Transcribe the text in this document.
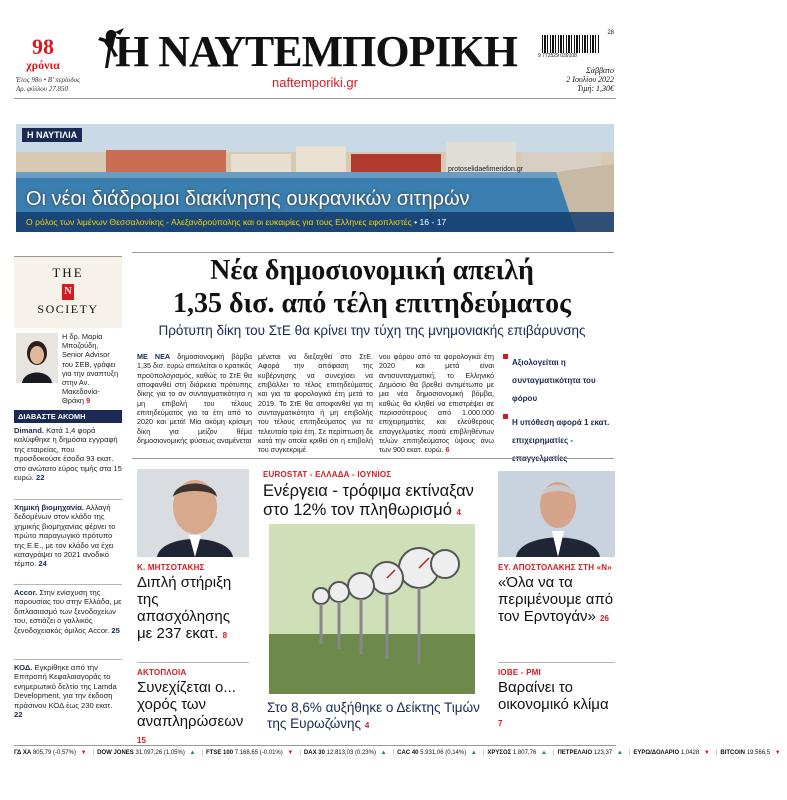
98
χρόνια
Έτος 98ο • Β' περίοδος
Αρ. φύλλου 27.850
Η ΝΑΥΤΕΜΠΟΡΙΚΗ
naftemporiki.gr
28
9 772529 039108
Σάββατο
2 Ιουλίου 2022
Τιμή: 1,30€
Η ΝΑΥΤΙΛΙΑ
protoselidaefimeridon.gr
Οι νέοι διάδρομοι διακίνησης ουκρανικών σιτηρών
Ο ρόλος των λιμένων Θεσσαλονίκης - Αλεξανδρούπολης και οι ευκαιρίες για τους Ελληνες εφοπλιστές • 16 - 17
THE
N
SOCIETY
Η δρ. Μαρία Μποζούδη, Senior Advisor του ΣΕΒ, γράφει για την αναπτυξη στην Αν. Μακεδονία-Θράκη 9
ΔΙΑΒΑΣΤΕ ΑΚΟΜΗ
Dimand. Κατά 1,4 φορά καλύφθηκε η δημόσια εγγραφή της εταιρείας, που προσδοκούσε έσοδα 93 εκατ. στο ανώτατο εύρος τιμής στα 15 ευρώ. 22
Χημική βιομηχανία. Αλλαγή δεδομένων στον κλάδο της χημικής βιομηχανίας φέρνει το πρώτο παραγωγικό πρότυπο της Ε.Ε., με τον κλάδο να έχει καταγράψει το 2021 ανοδικό τέμπο. 24
Accor. Στην ενίσχυση της παρουσίας του στην Ελλάδα, με διπλασιασμό των ξενοδοχείων του, εστιάζει ο γαλλικός ξενοδοχειακός όμιλος Accor. 25
ΚΟΔ. Εγκρίθηκε από την Επιτροπή Κεφαλαιαγοράς το ενημερωτικό δελτίο της Lamda Development, για την έκδοση πράσινου ΚΟΔ έως 230 εκατ. 22
Νέα δημοσιονομική απειλή
1,35 δισ. από τέλη επιτηδεύματος
Πρότυπη δίκη του ΣτΕ θα κρίνει την τύχη της μνημονιακής επιβάρυνσης
ΜΕ ΝΕΑ δημοσιονομική βόμβα 1,35 δισ. ευρώ απειλείται ο κρατικός προϋπολογισμός, καθώς το ΣτΕ θα αποφανθεί στη διάρκεια πρότυπης δίκης για το αν συνταγματικότητα η μη επιβολή του τέλους επιτηδεύματος για τα έτη από το 2020 και μετά! Μία ακόμη κρίσιμη δίκη για μείζον θέμα δημοσιονομικής φύσεως αναμένεται
μένεται να διεξαχθεί στο ΣτΕ. Αφορά την απόφαση της κυβέρνησης να συνεχίσει να επιβάλλει το τέλος επιτηδεύματος και για τα φορολογικά έτη μετά το 2019. Το ΣτΕ θα αποφανθεί για τη συνταγματικότητα ή μη επιβολής του τέλους επιτηδεύματος για τα τελευταία τρία έτη. Σε περίπτωση δε κατά την οποία κριθεί ότι η επιβολή του συγκεκριμέ
νου φόρου από τα φορολογικά έτη 2020 και μετά είναι αντισυνταγματική, το Ελληνικό Δημόσιο θα βρεθεί αντιμέτωπο με μια νέα δημοσιονομική βόμβα, καθώς θα κληθεί να επιστρέψει σε περισσότερους από 1.000.000 επιχειρηματίες και ελεύθερους επαγγελματίες ποσά επιβληθέντων τελών επιτηδεύματος ύψους άνω των 900 εκατ. ευρώ. 6
Αξιολογείται η συνταγματικότητα του φόρου
Η υπόθεση αφορά 1 εκατ. επιχειρηματίες - επαγγελματίες
Κ. ΜΗΤΣΟΤΑΚΗΣ
Διπλή στήριξη της απασχόλησης με 237 εκατ. 8
ΑΚΤΟΠΛΟΙΑ
Συνεχίζεται ο... χορός των αναπληρώσεων 15
EUROSTAT - ΕΛΛΑΔΑ - ΙΟΥΝΙΟΣ
Ενέργεια - τρόφιμα εκτίναξαν στο 12% τον πληθωρισμό 4
Στο 8,6% αυξήθηκε ο Δείκτης Τιμών της Ευρωζώνης 4
ΕΥ. ΑΠΟΣΤΟΛΑΚΗΣ ΣΤΗ «Ν»
«Όλα να τα περιμένουμε από τον Ερντογάν» 26
ΙΟΒΕ - PMI
Βαραίνει το οικονομικό κλίμα 7
ΓΔ ΧΑ 805,79 (-0,57%) ▼ | DOW JONES 31.097,26 (1,05%) ▲ | FTSE 100 7.168,65 (-0,01%) ▼ | DAX 30 12.813,03 (0,23%) ▲ | CAC 40 5.931,06 (0,14%) ▲ | ΧΡΥΣΟΣ 1.807,76 ▲ | ΠΕΤΡΕΛΑΙΟ 123,37 ▲ | ΕΥΡΩ/ΔΟΛΑΡΙΟ 1,0428 ▼ | BITCOIN 19.566,5 ▼
